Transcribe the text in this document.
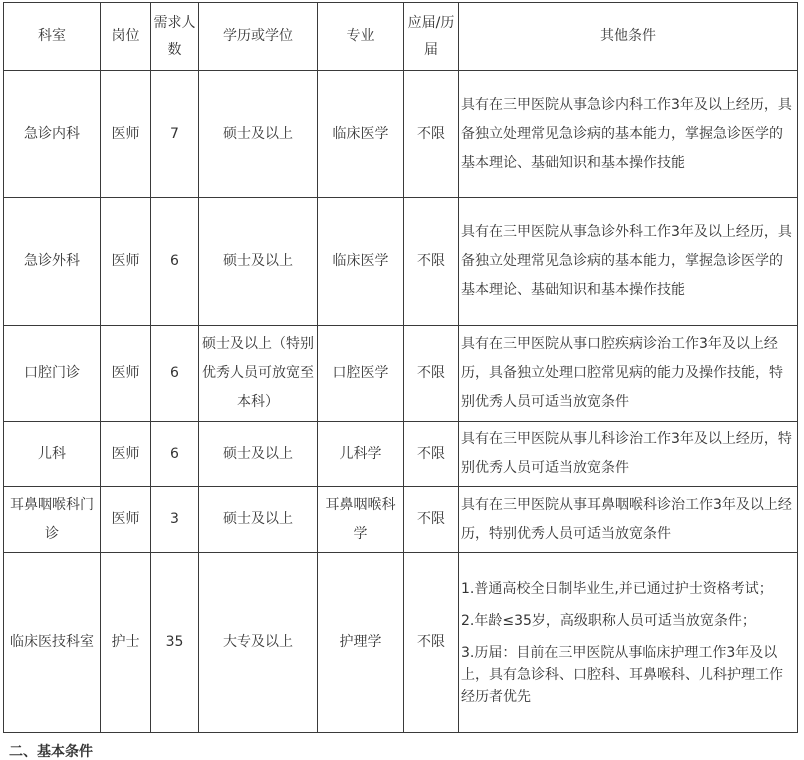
科室	岗位	需求人数	学历或学位	专业	应届/历届	其他条件
急诊内科	医师	7	硕士及以上	临床医学	不限	具有在三甲医院从事急诊内科工作3年及以上经历，具备独立处理常见急诊病的基本能力，掌握急诊医学的基本理论、基础知识和基本操作技能
急诊外科	医师	6	硕士及以上	临床医学	不限	具有在三甲医院从事急诊外科工作3年及以上经历，具备独立处理常见急诊病的基本能力，掌握急诊医学的基本理论、基础知识和基本操作技能
口腔门诊	医师	6	硕士及以上（特别优秀人员可放宽至本科）	口腔医学	不限	具有在三甲医院从事口腔疾病诊治工作3年及以上经历，具备独立处理口腔常见病的能力及操作技能，特别优秀人员可适当放宽条件
儿科	医师	6	硕士及以上	儿科学	不限	具有在三甲医院从事儿科诊治工作3年及以上经历，特别优秀人员可适当放宽条件
耳鼻咽喉科门诊	医师	3	硕士及以上	耳鼻咽喉科学	不限	具有在三甲医院从事耳鼻咽喉科诊治工作3年及以上经历，特别优秀人员可适当放宽条件
临床医技科室	护士	35	大专及以上	护理学	不限	1.普通高校全日制毕业生,并已通过护士资格考试；

2.年龄≤35岁，高级职称人员可适当放宽条件；

3.历届：目前在三甲医院从事临床护理工作3年及以上，具有急诊科、口腔科、耳鼻喉科、儿科护理工作经历者优先

二、基本条件
